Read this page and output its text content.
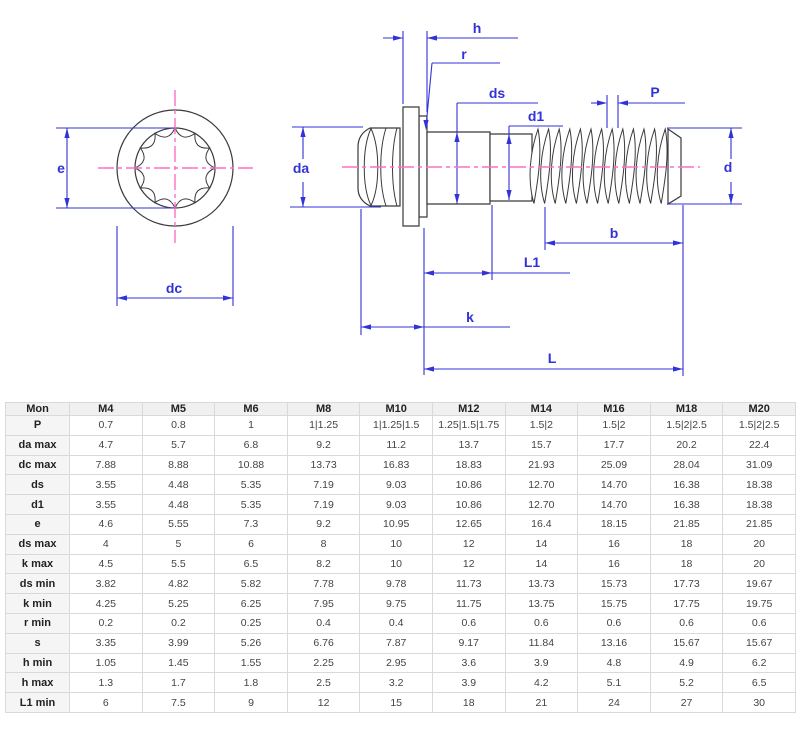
e
dc
da
h
r
ds
d1
P
d
b
L1
k
L
Mon	M4	M5	M6	M8	M10	M12	M14	M16	M18	M20
P	0.7	0.8	1	1|1.25	1|1.25|1.5	1.25|1.5|1.75	1.5|2	1.5|2	1.5|2|2.5	1.5|2|2.5
da max	4.7	5.7	6.8	9.2	11.2	13.7	15.7	17.7	20.2	22.4
dc max	7.88	8.88	10.88	13.73	16.83	18.83	21.93	25.09	28.04	31.09
ds	3.55	4.48	5.35	7.19	9.03	10.86	12.70	14.70	16.38	18.38
d1	3.55	4.48	5.35	7.19	9.03	10.86	12.70	14.70	16.38	18.38
e	4.6	5.55	7.3	9.2	10.95	12.65	16.4	18.15	21.85	21.85
ds max	4	5	6	8	10	12	14	16	18	20
k max	4.5	5.5	6.5	8.2	10	12	14	16	18	20
ds min	3.82	4.82	5.82	7.78	9.78	11.73	13.73	15.73	17.73	19.67
k min	4.25	5.25	6.25	7.95	9.75	11.75	13.75	15.75	17.75	19.75
r min	0.2	0.2	0.25	0.4	0.4	0.6	0.6	0.6	0.6	0.6
s	3.35	3.99	5.26	6.76	7.87	9.17	11.84	13.16	15.67	15.67
h min	1.05	1.45	1.55	2.25	2.95	3.6	3.9	4.8	4.9	6.2
h max	1.3	1.7	1.8	2.5	3.2	3.9	4.2	5.1	5.2	6.5
L1 min	6	7.5	9	12	15	18	21	24	27	30
